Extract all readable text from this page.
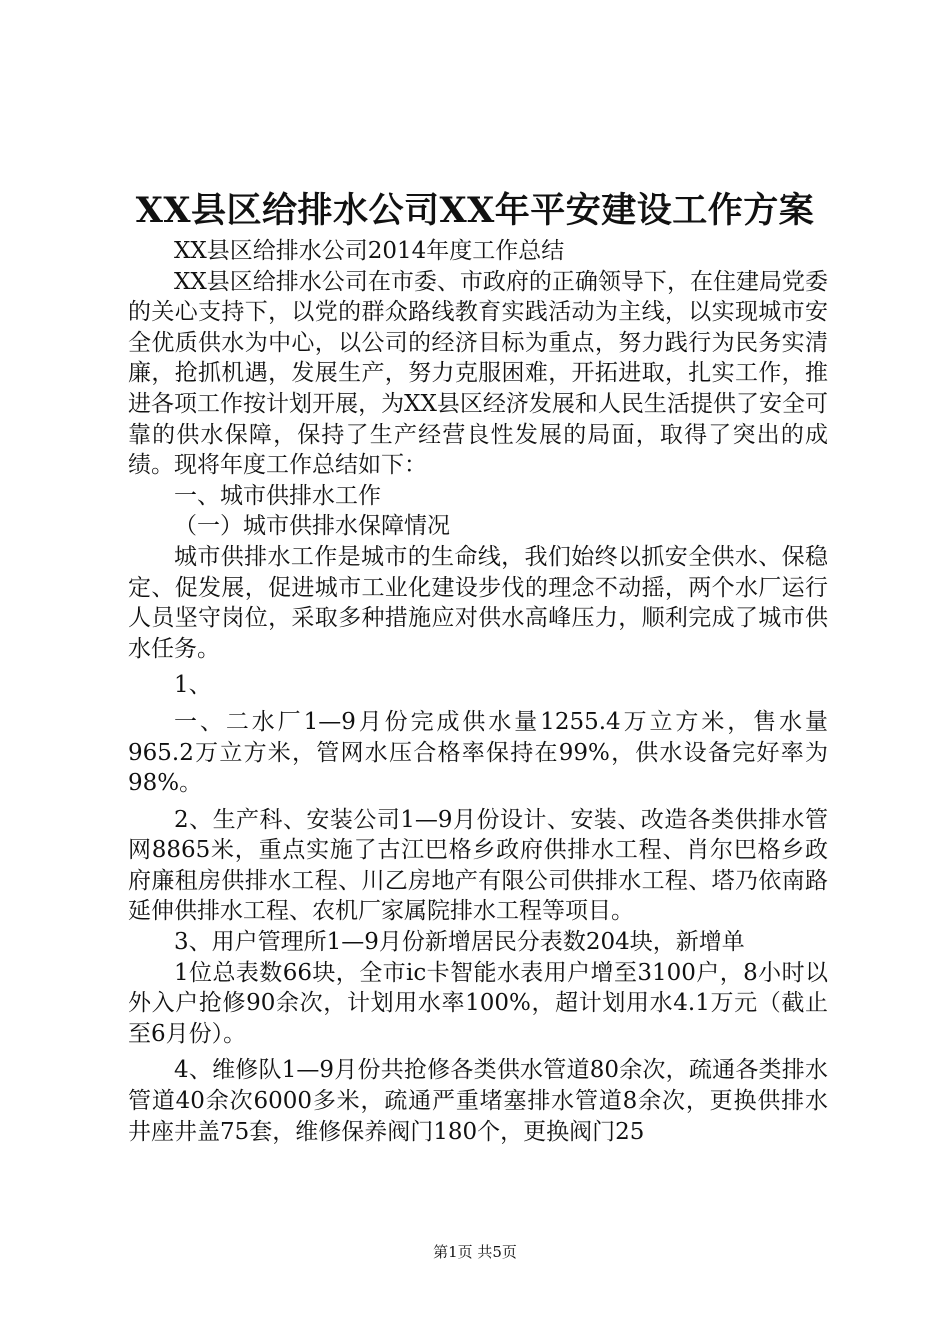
XX县区给排水公司XX年平安建设工作方案

XX县区给排水公司2014年度工作总结

XX县区给排水公司在市委、市政府的正确领导下，在住建局党委的关心支持下，以党的群众路线教育实践活动为主线，以实现城市安全优质供水为中心，以公司的经济目标为重点，努力践行为民务实清廉，抢抓机遇，发展生产，努力克服困难，开拓进取，扎实工作，推进各项工作按计划开展，为XX县区经济发展和人民生活提供了安全可靠的供水保障，保持了生产经营良性发展的局面，取得了突出的成绩。现将年度工作总结如下：

一、城市供排水工作

（一）城市供排水保障情况

城市供排水工作是城市的生命线，我们始终以抓安全供水、保稳定、促发展，促进城市工业化建设步伐的理念不动摇，两个水厂运行人员坚守岗位，采取多种措施应对供水高峰压力，顺利完成了城市供水任务。

1、

一、二水厂1—9月份完成供水量1255.4万立方米，售水量965.2万立方米，管网水压合格率保持在99%，供水设备完好率为98%。

2、生产科、安装公司1—9月份设计、安装、改造各类供排水管网8865米，重点实施了古江巴格乡政府供排水工程、肖尔巴格乡政府廉租房供排水工程、川乙房地产有限公司供排水工程、塔乃依南路延伸供排水工程、农机厂家属院排水工程等项目。

3、用户管理所1—9月份新增居民分表数204块，新增单

1位总表数66块，全市ic卡智能水表用户增至3100户，8小时以外入户抢修90余次，计划用水率100%，超计划用水4.1万元（截止至6月份）。

4、维修队1—9月份共抢修各类供水管道80余次，疏通各类排水管道40余次6000多米，疏通严重堵塞排水管道8余次，更换供排水井座井盖75套，维修保养阀门180个，更换阀门25

第1页 共5页
